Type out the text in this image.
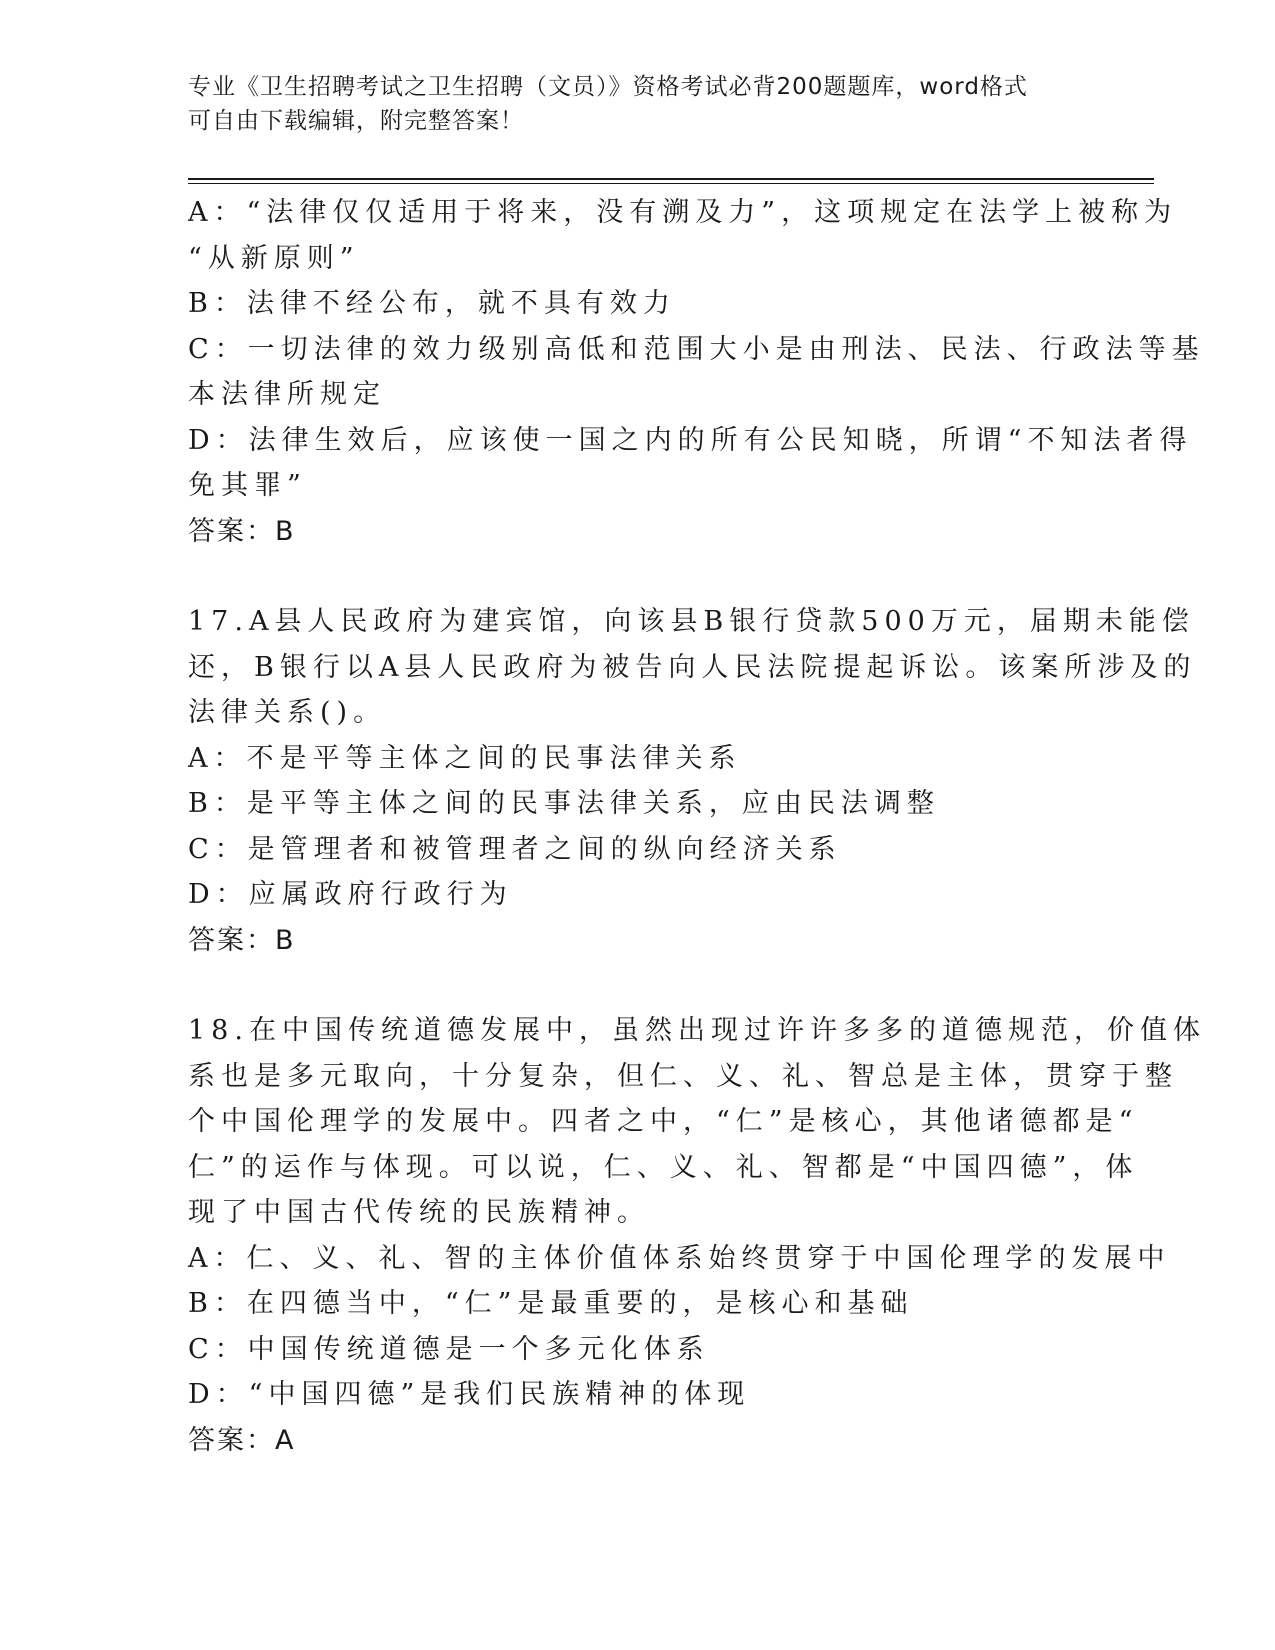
专业《卫生招聘考试之卫生招聘（文员）》资格考试必背200题题库，word格式
可自由下载编辑，附完整答案！
A：“法律仅仅适用于将来，没有溯及力”，这项规定在法学上被称为
“从新原则”
B：法律不经公布，就不具有效力
C：一切法律的效力级别高低和范围大小是由刑法、民法、行政法等基
本法律所规定
D：法律生效后，应该使一国之内的所有公民知晓，所谓“不知法者得
免其罪”
答案：B
17.A县人民政府为建宾馆，向该县B银行贷款500万元，届期未能偿
还，B银行以A县人民政府为被告向人民法院提起诉讼。该案所涉及的
法律关系()。
A：不是平等主体之间的民事法律关系
B：是平等主体之间的民事法律关系，应由民法调整
C：是管理者和被管理者之间的纵向经济关系
D：应属政府行政行为
答案：B
18.在中国传统道德发展中，虽然出现过许许多多的道德规范，价值体
系也是多元取向，十分复杂，但仁、义、礼、智总是主体，贯穿于整
个中国伦理学的发展中。四者之中，“仁”是核心，其他诸德都是“
仁”的运作与体现。可以说，仁、义、礼、智都是“中国四德”，体
现了中国古代传统的民族精神。
A：仁、义、礼、智的主体价值体系始终贯穿于中国伦理学的发展中
B：在四德当中，“仁”是最重要的，是核心和基础
C：中国传统道德是一个多元化体系
D：“中国四德”是我们民族精神的体现
答案：A
